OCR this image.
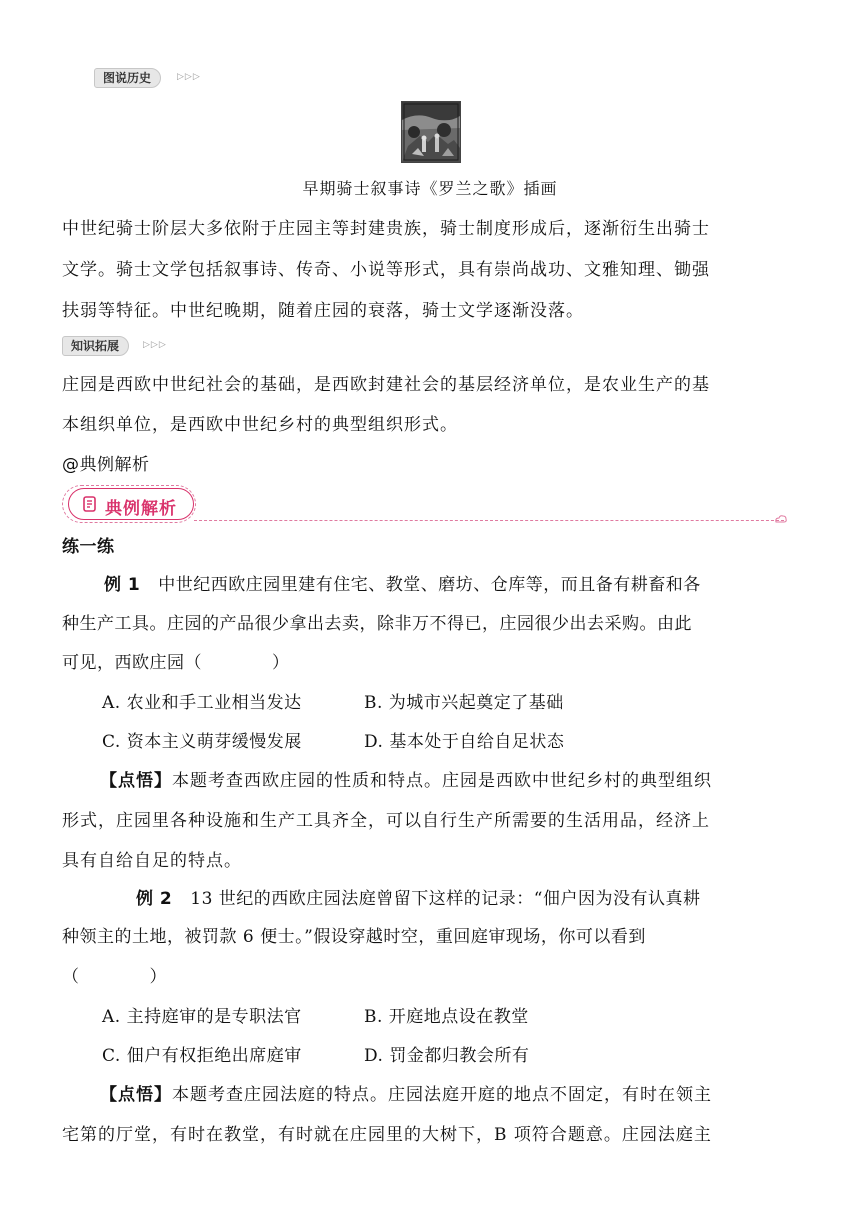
图说历史	▷▷▷
早期骑士叙事诗《罗兰之歌》插画
中世纪骑士阶层大多依附于庄园主等封建贵族，骑士制度形成后，逐渐衍生出骑士
文学。骑士文学包括叙事诗、传奇、小说等形式，具有崇尚战功、文雅知理、锄强
扶弱等特征。中世纪晚期，随着庄园的衰落，骑士文学逐渐没落。
知识拓展	▷▷▷
庄园是西欧中世纪社会的基础，是西欧封建社会的基层经济单位，是农业生产的基
本组织单位，是西欧中世纪乡村的典型组织形式。
@典例解析
典例解析
练一练
例 1 中世纪西欧庄园里建有住宅、教堂、磨坊、仓库等，而且备有耕畜和各
种生产工具。庄园的产品很少拿出去卖，除非万不得已，庄园很少出去采购。由此
可见，西欧庄园（　　　　）
A. 农业和手工业相当发达	B. 为城市兴起奠定了基础
C. 资本主义萌芽缓慢发展	D. 基本处于自给自足状态
【点悟】本题考查西欧庄园的性质和特点。庄园是西欧中世纪乡村的典型组织
形式，庄园里各种设施和生产工具齐全，可以自行生产所需要的生活用品，经济上
具有自给自足的特点。
例 2 13 世纪的西欧庄园法庭曾留下这样的记录：“佃户因为没有认真耕
种领主的土地，被罚款 6 便士。”假设穿越时空，重回庭审现场，你可以看到
（　　　　）
A. 主持庭审的是专职法官	B. 开庭地点设在教堂
C. 佃户有权拒绝出席庭审	D. 罚金都归教会所有
【点悟】本题考查庄园法庭的特点。庄园法庭开庭的地点不固定，有时在领主
宅第的厅堂，有时在教堂，有时就在庄园里的大树下，B 项符合题意。庄园法庭主
